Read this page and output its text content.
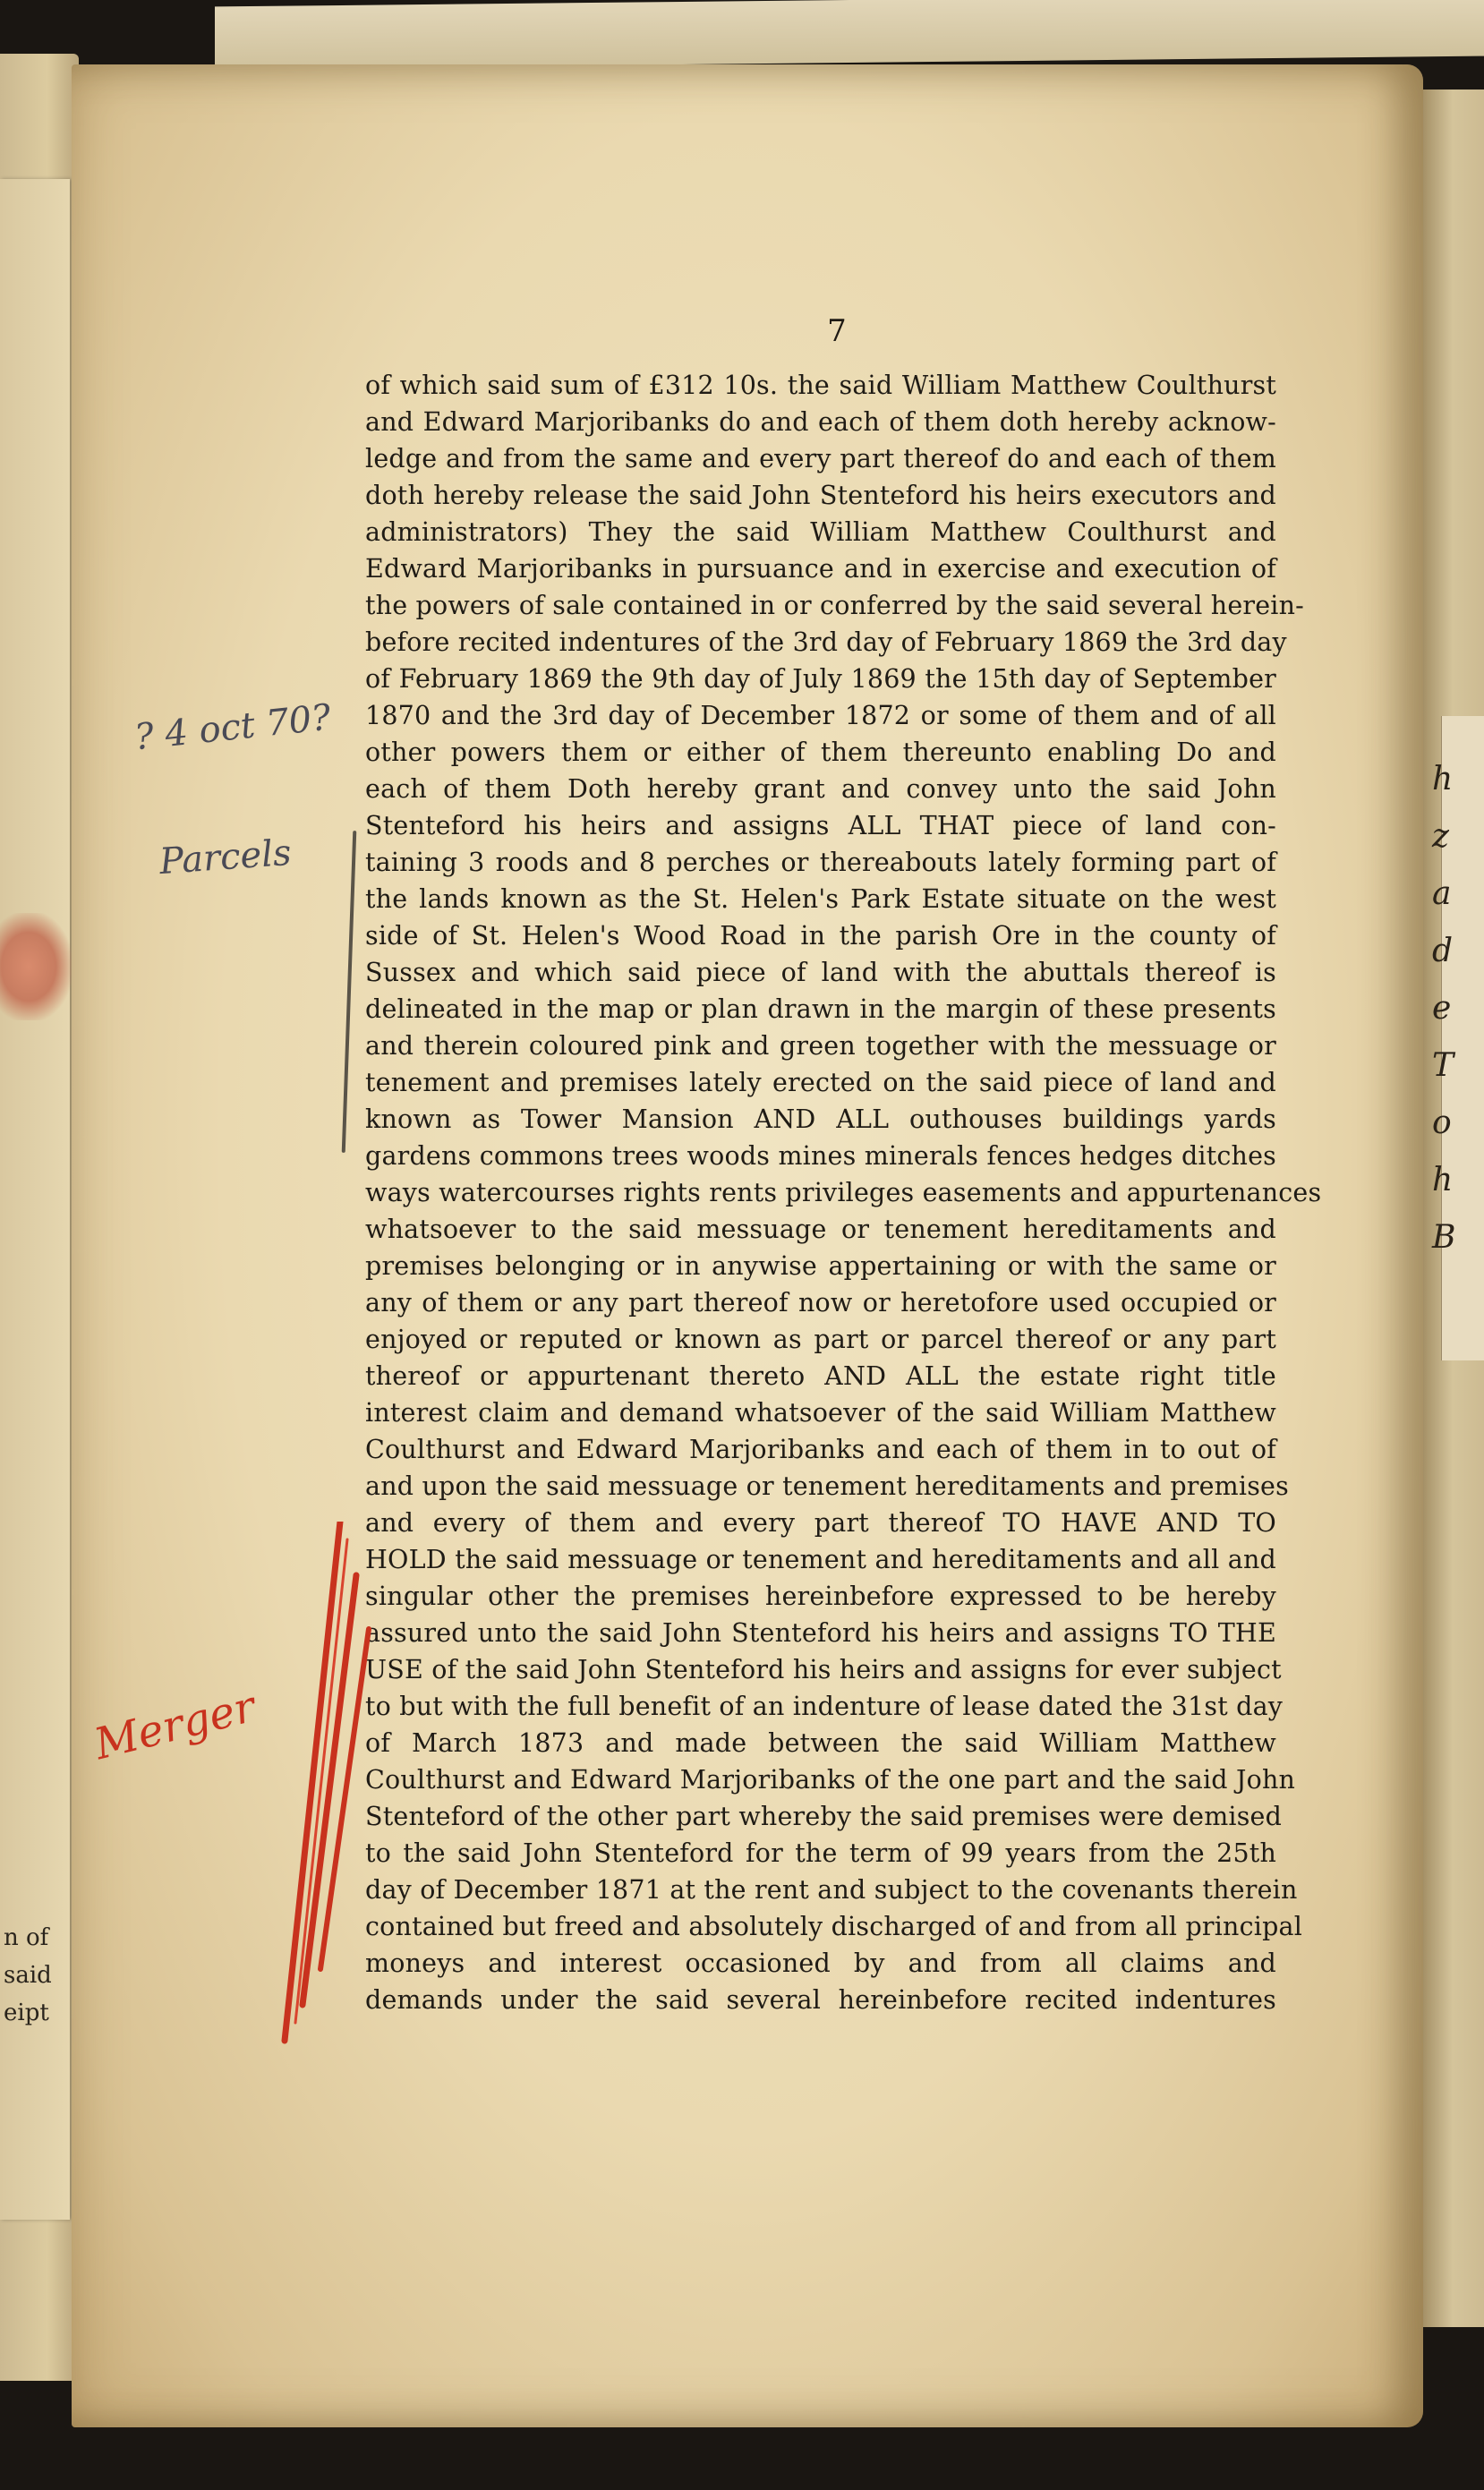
n of
said
eipt
7
of which said sum of £312 10s. the said William Matthew Coulthurst
and Edward Marjoribanks do and each of them doth hereby acknow-
ledge and from the same and every part thereof do and each of them
doth hereby release the said John Stenteford his heirs executors and
administrators) They the said William Matthew Coulthurst and
Edward Marjoribanks in pursuance and in exercise and execution of
the powers of sale contained in or conferred by the said several herein-
before recited indentures of the 3rd day of February 1869 the 3rd day
of February 1869 the 9th day of July 1869 the 15th day of September
1870 and the 3rd day of December 1872 or some of them and of all
other powers them or either of them thereunto enabling Do and
each of them Doth hereby grant and convey unto the said John
Stenteford his heirs and assigns ALL THAT piece of land con-
taining 3 roods and 8 perches or thereabouts lately forming part of
the lands known as the St. Helen's Park Estate situate on the west
side of St. Helen's Wood Road in the parish Ore in the county of
Sussex and which said piece of land with the abuttals thereof is
delineated in the map or plan drawn in the margin of these presents
and therein coloured pink and green together with the messuage or
tenement and premises lately erected on the said piece of land and
known as Tower Mansion AND ALL outhouses buildings yards
gardens commons trees woods mines minerals fences hedges ditches
ways watercourses rights rents privileges easements and appurtenances
whatsoever to the said messuage or tenement hereditaments and
premises belonging or in anywise appertaining or with the same or
any of them or any part thereof now or heretofore used occupied or
enjoyed or reputed or known as part or parcel thereof or any part
thereof or appurtenant thereto AND ALL the estate right title
interest claim and demand whatsoever of the said William Matthew
Coulthurst and Edward Marjoribanks and each of them in to out of
and upon the said messuage or tenement hereditaments and premises
and every of them and every part thereof TO HAVE AND TO
HOLD the said messuage or tenement and hereditaments and all and
singular other the premises hereinbefore expressed to be hereby
assured unto the said John Stenteford his heirs and assigns TO THE
USE of the said John Stenteford his heirs and assigns for ever subject
to but with the full benefit of an indenture of lease dated the 31st day
of March 1873 and made between the said William Matthew
Coulthurst and Edward Marjoribanks of the one part and the said John
Stenteford of the other part whereby the said premises were demised
to the said John Stenteford for the term of 99 years from the 25th
day of December 1871 at the rent and subject to the covenants therein
contained but freed and absolutely discharged of and from all principal
moneys and interest occasioned by and from all claims and
demands under the said several hereinbefore recited indentures
? 4 oct 70?
Parcels
Merger
h
z
a
d
e
T
o
h
B
